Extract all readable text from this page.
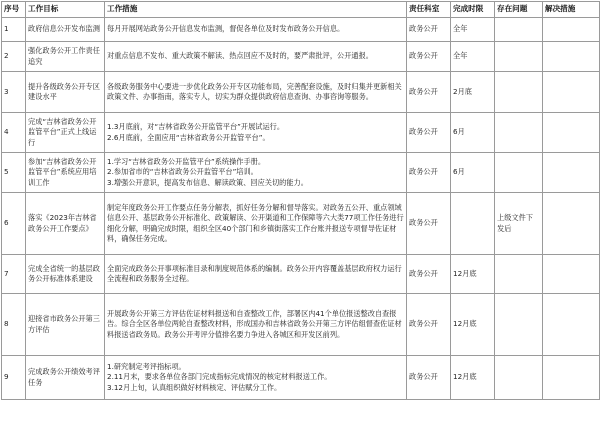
序号	工作目标	工作措施	责任科室	完成时限	存在问题	解决措施
1	政府信息公开发布监测	每月开展网站政务公开信息发布监测，督促各单位及时发布政务公开信息。	政务公开	全年		
2	强化政务公开工作责任追究	对重点信息不发布、重大政策不解读、热点回应不及时的，要严肃批评，公开通报。	政务公开	全年		
3	提升各级政务公开专区建设水平	各级政务服务中心要进一步优化政务公开专区功能布局，完善配套设施，及时归集并更新相关政策文件、办事指南，落实专人，切实为群众提供政府信息查询、办事咨询等服务。	政务公开	2月底		
4	完成“吉林省政务公开监管平台”正式上线运行	1.3月底前，对“吉林省政务公开监管平台”开展试运行。
2.6月底前，全面应用“吉林省政务公开监管平台”。	政务公开	6月		
5	参加“吉林省政务公开监管平台”系统应用培训工作	1.学习“吉林省政务公开监管平台”系统操作手册。
2.参加省市的“吉林省政务公开监管平台”培训。
3.增强公开意识，提高发布信息、解读政策、回应关切的能力。	政务公开	6月		
6	落实《2023年吉林省政务公开工作要点》	制定年度政务公开工作要点任务分解表，抓好任务分解和督导落实。对政务五公开、重点领域信息公开、基层政务公开标准化、政策解读、公开渠道和工作保障等六大类77项工作任务进行细化分解，明确完成时限，组织全区40个部门和乡镇街落实工作台账并报送专项督导佐证材料，确保任务完成。	政务公开		上级文件下发后	
7	完成全省统一的基层政务公开标准体系建设	全面完成政务公开事项标准目录和制度规范体系的编制。政务公开内容覆盖基层政府权力运行全流程和政务服务全过程。	政务公开	12月底		
8	迎接省市政务公开第三方评估	开展政务公开第三方评估佐证材料报送和自查整改工作，部署区内41个单位报送整改自查报告。综合全区各单位两轮自查整改材料，形成国办和吉林省政务公开第三方评估组督查佐证材料报送省政务局。政务公开考评分值排名要力争进入各城区和开发区前列。	政务公开	12月底		
9	完成政务公开绩效考评任务	1.研究制定考评指标项。
2.11月末，要求各单位各部门完成指标完成情况的核定材料报送工作。
3.12月上旬，认真组织做好材料核定、评估赋分工作。	政务公开	12月底		
